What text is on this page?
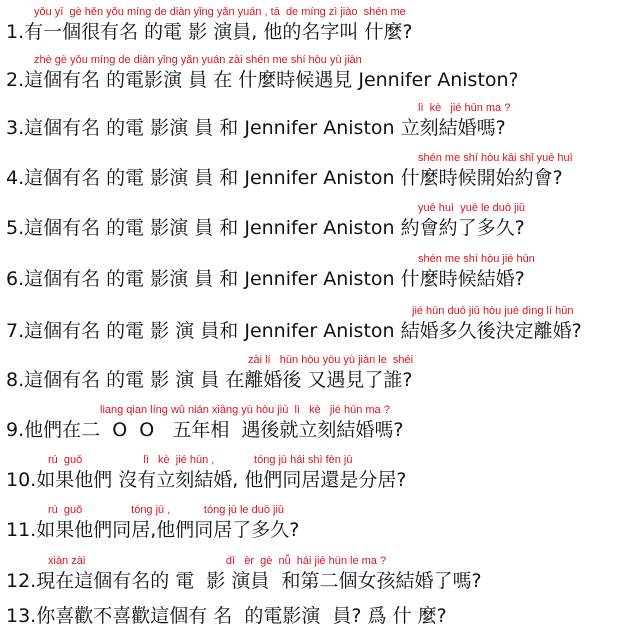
yǒu yī  gè hěn yǒu míng de diàn yǐng yǎn yuán , tā  de míng zì jiào  shén me
1.有一個很有名 的電 影 演員, 他的名字叫 什麼?
zhè gè yǒu míng de diàn yǐng yǎn yuán zài shén me shí hòu yù jiàn
2.這個有名 的電影演 員 在 什麼時候遇見 Jennifer Aniston?
lì  kè   jié hūn ma ?
3.這個有名 的電 影演 員 和 Jennifer Aniston 立刻結婚嗎?
shén me shí hòu kāi shǐ yuē huì
4.這個有名 的電 影演 員 和 Jennifer Aniston 什麼時候開始約會?
yuē huì  yuē le duō jiǔ
5.這個有名 的電 影演 員 和 Jennifer Aniston 約會約了多久?
shén me shí hòu jié hūn
6.這個有名 的電 影演 員 和 Jennifer Aniston 什麼時候結婚?
jié hūn duō jiǔ hòu jué dìng lí hūn
7.這個有名 的電 影 演 員和 Jennifer Aniston 結婚多久後決定離婚?
zài lí   hūn hòu yòu yù jiàn le  shéi
8.這個有名 的電 影 演 員 在離婚後 又遇見了誰?
liang qian líng wǔ nián xiāng yù hòu jiù  lì   kè   jié hūn ma ?
9.他們在二  O  O   五年相  遇後就立刻結婚嗎?
rú  guǒ                    lì   kè  jié hūn ,             tóng jū hái shì fèn jū
10.如果他們 沒有立刻結婚, 他們同居還是分居?
rú  guǒ                tóng jū ,           tóng jū le duō jiǔ
11.如果他們同居,他們同居了多久?
xiàn zài                                              dì   èr  gè  nǚ  hái jié hūn le ma ?
12.現在這個有名的 電  影 演員  和第二個女孩結婚了嗎?
13.你喜歡不喜歡這個有 名  的電影演  員? 爲 什 麼?
